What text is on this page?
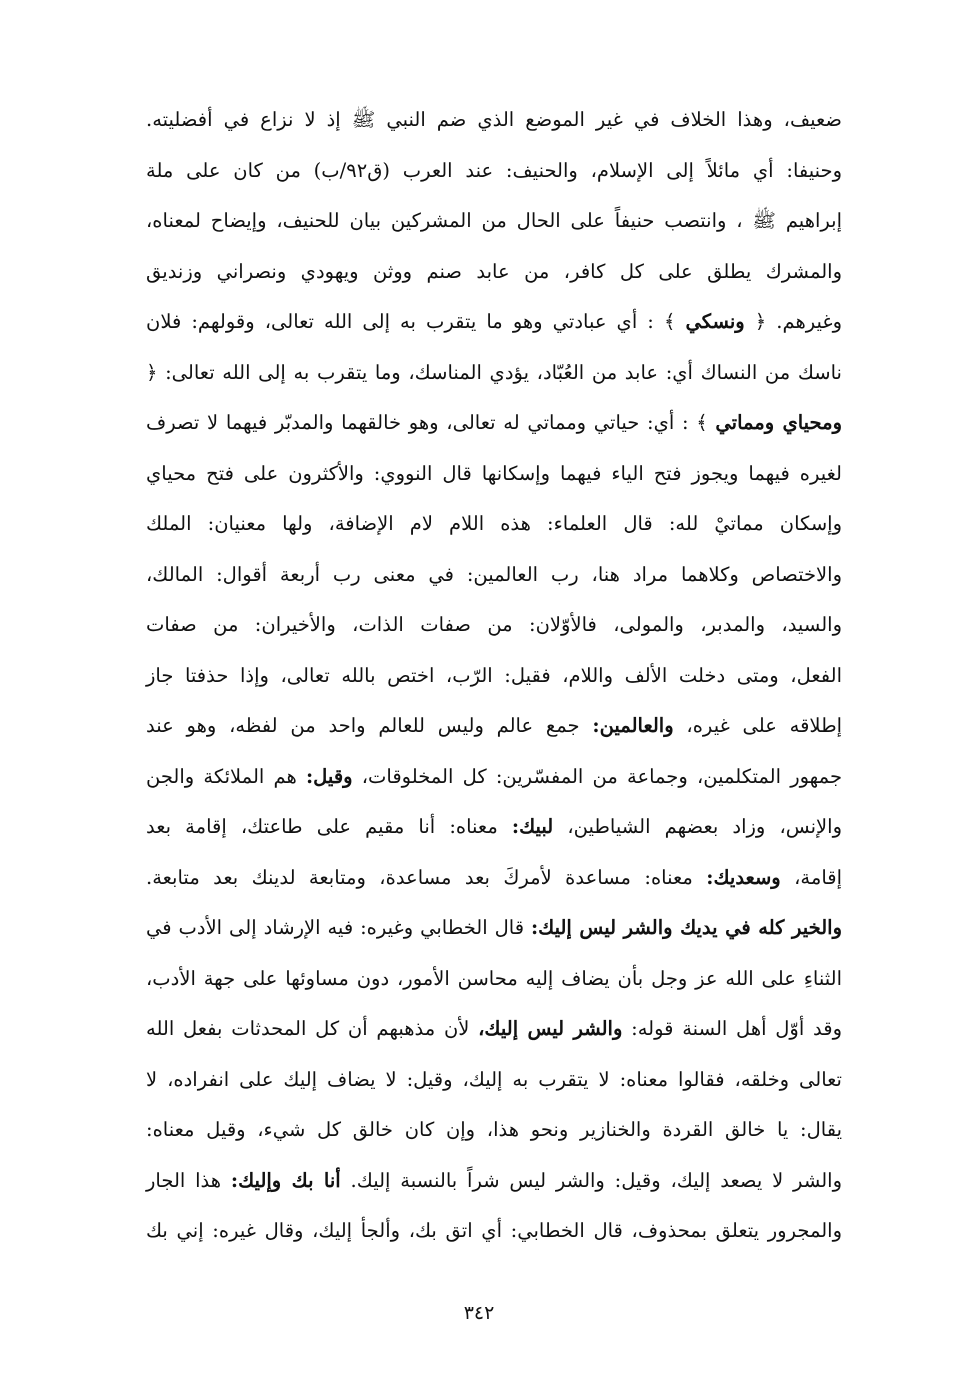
ضعيف، وهذا الخلاف في غير الموضع الذي ضم النبي ﷺ إذ لا نزاع في أفضليته.
وحنيفا: أي مائلاً إلى الإسلام، والحنيف: عند العرب (ق٩٢/ب) من كان على ملة
إبراهيم ﷺ ، وانتصب حنيفاً على الحال من المشركين بيان للحنيف، وإيضاح لمعناه،
والمشرك يطلق على كل كافر، من عابد صنم ووثن ويهودي ونصراني وزنديق
وغيرهم. ﴿ ونسكي ﴾ : أي عبادتي وهو ما يتقرب به إلى الله تعالى، وقولهم: فلان
ناسك من النساك أي: عابد من العُبّاد، يؤدي المناسك، وما يتقرب به إلى الله تعالى: ﴿
ومحياي ومماتي ﴾ : أي: حياتي ومماتي له تعالى، وهو خالقهما والمدبّر فيهما لا تصرف
لغيره فيهما ويجوز فتح الياء فيهما وإسكانها قال النووي: والأكثرون على فتح محياي
وإسكان مماتيْ لله: قال العلماء: هذه اللام لام الإضافة، ولها معنيان: الملك
والاختصاص وكلاهما مراد هنا، رب العالمين: في معنى رب أربعة أقوال: المالك،
والسيد، والمدبر، والمولى، فالأوّلان: من صفات الذات، والأخيران: من صفات
الفعل، ومتى دخلت الألف واللام، فقيل: الرّب، اختص بالله تعالى، وإذا حذفتا جاز
إطلاقه على غيره، والعالمين: جمع عالم وليس للعالم واحد من لفظه، وهو عند
جمهور المتكلمين، وجماعة من المفسّرين: كل المخلوقات، وقيل: هم الملائكة والجن
والإنس، وزاد بعضهم الشياطين، لبيك: معناه: أنا مقيم على طاعتك، إقامة بعد
إقامة، وسعديك: معناه: مساعدة لأمركَ بعد مساعدة، ومتابعة لدينك بعد متابعة.
والخير كله في يديك والشر ليس إليك: قال الخطابي وغيره: فيه الإرشاد إلى الأدب في
الثناءِ على الله عز وجل بأن يضاف إليه محاسن الأمور، دون مساوئها على جهة الأدب،
وقد أوّل أهل السنة قوله: والشر ليس إليك، لأن مذهبهم أن كل المحدثات بفعل الله
تعالى وخلقه، فقالوا معناه: لا يتقرب به إليك، وقيل: لا يضاف إليك على انفراده، لا
يقال: يا خالق القردة والخنازير ونحو هذا، وإن كان خالق كل شيء، وقيل معناه:
والشر لا يصعد إليك، وقيل: والشر ليس شراً بالنسبة إليك. أنا بك وإليك: هذا الجار
والمجرور يتعلق بمحذوف، قال الخطابي: أي اتق بك، وألجأ إليك، وقال غيره: إني بك
٣٤٢
